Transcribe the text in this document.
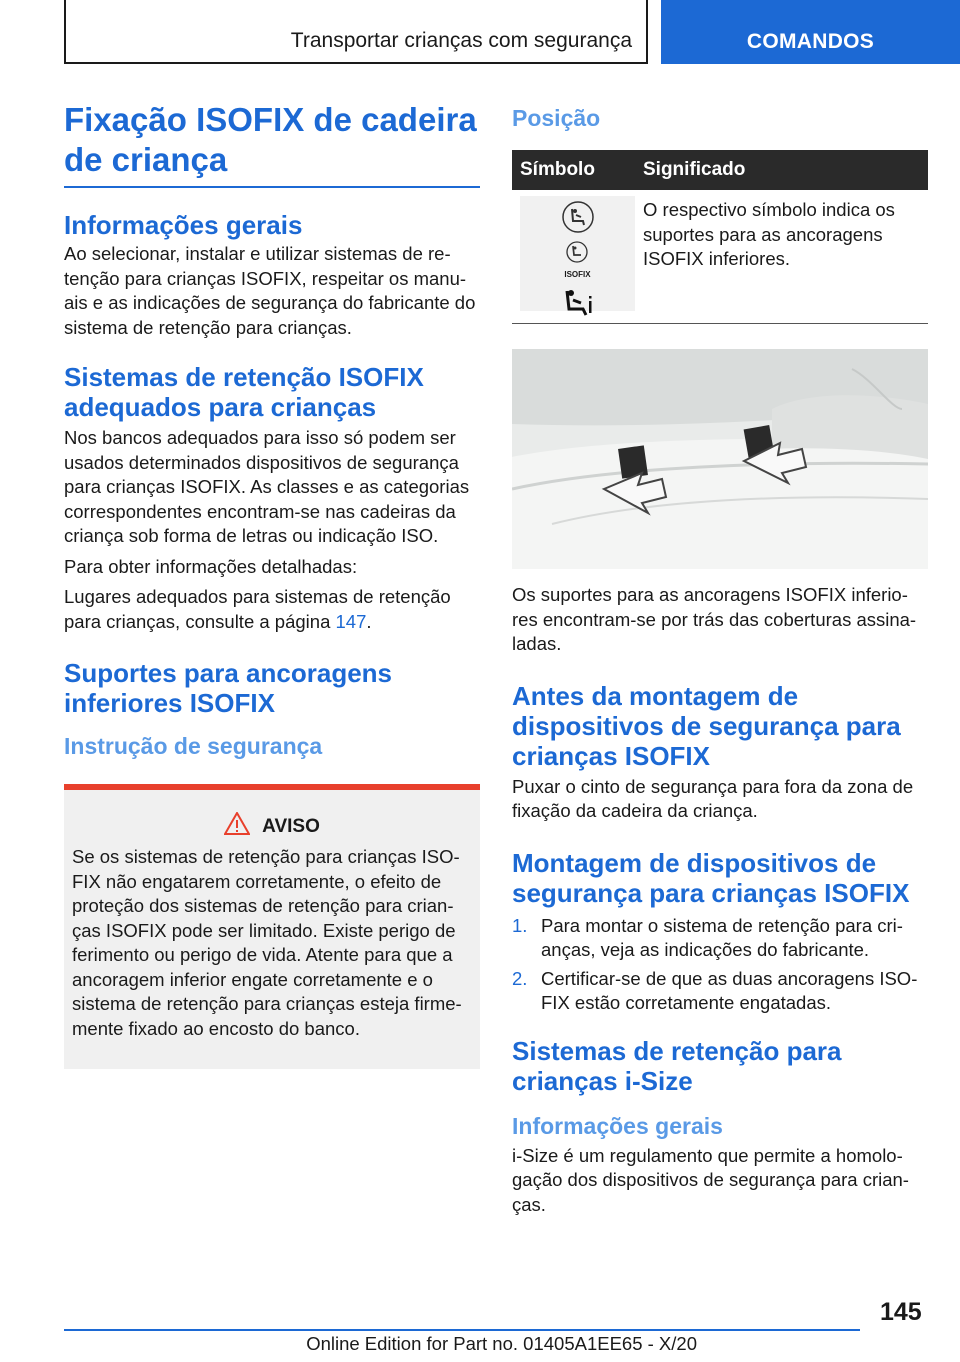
Transportar crianças com segurança	COMANDOS
Fixação ISOFIX de cadeira de criança
Informações gerais

Ao selecionar, instalar e utilizar sistemas de re-tenção para crianças ISOFIX, respeitar os manu-ais e as indicações de segurança do fabricante do sistema de retenção para crianças.

Sistemas de retenção ISOFIX adequados para crianças

Nos bancos adequados para isso só podem ser usados determinados dispositivos de segurança para crianças ISOFIX. As classes e as categorias correspondentes encontram-se nas cadeiras da criança sob forma de letras ou indicação ISO.

Para obter informações detalhadas:

Lugares adequados para sistemas de retenção para crianças, consulte a página 147.

Suportes para ancoragens inferiores ISOFIX
Instrução de segurança
AVISO

Se os sistemas de retenção para crianças ISO-FIX não engatarem corretamente, o efeito de proteção dos sistemas de retenção para crian-ças ISOFIX pode ser limitado. Existe perigo de ferimento ou perigo de vida. Atente para que a ancoragem inferior engate corretamente e o sistema de retenção para crianças esteja firme-mente fixado ao encosto do banco.

Posição
Símbolo	Significado

ISOFIX	O respectivo símbolo indica os suportes para as ancoragens ISOFIX inferiores.

Os suportes para as ancoragens ISOFIX inferio-res encontram-se por trás das coberturas assina-ladas.

Antes da montagem de dispositivos de segurança para crianças ISOFIX

Puxar o cinto de segurança para fora da zona de fixação da cadeira da criança.

Montagem de dispositivos de segurança para crianças ISOFIX
1. Para montar o sistema de retenção para cri-anças, veja as indicações do fabricante.
2. Certificar-se de que as duas ancoragens ISO-FIX estão corretamente engatadas.
Sistemas de retenção para crianças i-Size
Informações gerais

i-Size é um regulamento que permite a homolo-gação dos dispositivos de segurança para crian-ças.

145
Online Edition for Part no. 01405A1EE65 - X/20
